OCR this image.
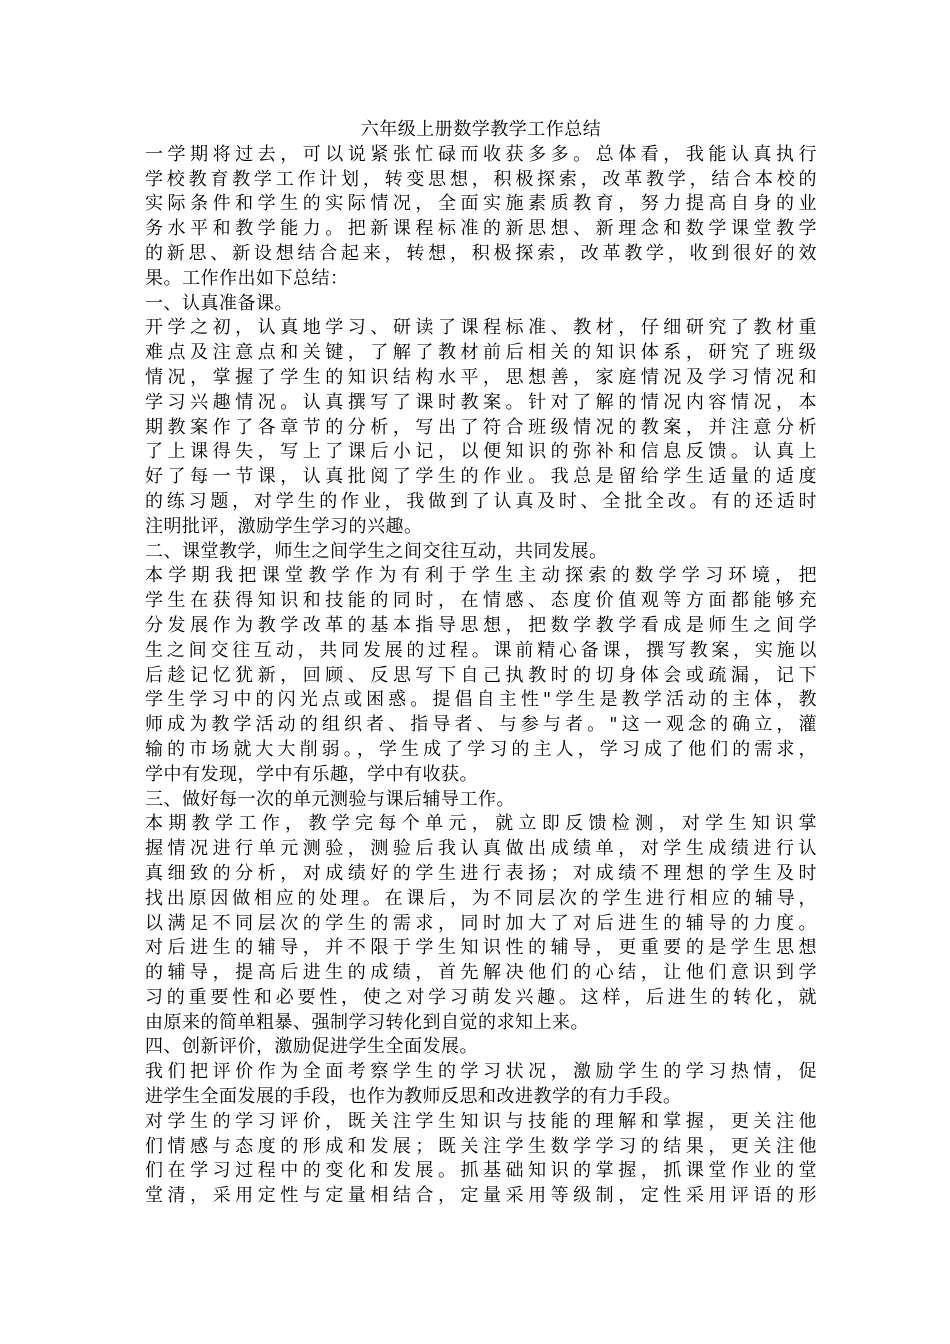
六年级上册数学教学工作总结
一学期将过去，可以说紧张忙碌而收获多多。总体看，我能认真执行
学校教育教学工作计划，转变思想，积极探索，改革教学，结合本校的
实际条件和学生的实际情况，全面实施素质教育，努力提高自身的业
务水平和教学能力。把新课程标准的新思想、新理念和数学课堂教学
的新思、新设想结合起来，转想，积极探索，改革教学，收到很好的效
果。工作作出如下总结：
一、认真准备课。
开学之初，认真地学习、研读了课程标准、教材，仔细研究了教材重
难点及注意点和关键，了解了教材前后相关的知识体系，研究了班级
情况，掌握了学生的知识结构水平，思想善，家庭情况及学习情况和
学习兴趣情况。认真撰写了课时教案。针对了解的情况内容情况，本
期教案作了各章节的分析，写出了符合班级情况的教案，并注意分析
了上课得失，写上了课后小记，以便知识的弥补和信息反馈。认真上
好了每一节课，认真批阅了学生的作业。我总是留给学生适量的适度
的练习题，对学生的作业，我做到了认真及时、全批全改。有的还适时
注明批评，激励学生学习的兴趣。
二、课堂教学，师生之间学生之间交往互动，共同发展。
本学期我把课堂教学作为有利于学生主动探索的数学学习环境，把
学生在获得知识和技能的同时，在情感、态度价值观等方面都能够充
分发展作为教学改革的基本指导思想，把数学教学看成是师生之间学
生之间交往互动，共同发展的过程。课前精心备课，撰写教案，实施以
后趁记忆犹新，回顾、反思写下自己执教时的切身体会或疏漏，记下
学生学习中的闪光点或困惑。提倡自主性"学生是教学活动的主体，教
师成为教学活动的组织者、指导者、与参与者。"这一观念的确立，灌
输的市场就大大削弱。，学生成了学习的主人，学习成了他们的需求，
学中有发现，学中有乐趣，学中有收获。
三、做好每一次的单元测验与课后辅导工作。
本期教学工作，教学完每个单元，就立即反馈检测，对学生知识掌
握情况进行单元测验，测验后我认真做出成绩单，对学生成绩进行认
真细致的分析，对成绩好的学生进行表扬；对成绩不理想的学生及时
找出原因做相应的处理。在课后，为不同层次的学生进行相应的辅导，
以满足不同层次的学生的需求，同时加大了对后进生的辅导的力度。
对后进生的辅导，并不限于学生知识性的辅导，更重要的是学生思想
的辅导，提高后进生的成绩，首先解决他们的心结，让他们意识到学
习的重要性和必要性，使之对学习萌发兴趣。这样，后进生的转化，就
由原来的简单粗暴、强制学习转化到自觉的求知上来。
四、创新评价，激励促进学生全面发展。
我们把评价作为全面考察学生的学习状况，激励学生的学习热情，促
进学生全面发展的手段，也作为教师反思和改进教学的有力手段。
对学生的学习评价，既关注学生知识与技能的理解和掌握，更关注他
们情感与态度的形成和发展；既关注学生数学学习的结果，更关注他
们在学习过程中的变化和发展。抓基础知识的掌握，抓课堂作业的堂
堂清，采用定性与定量相结合，定量采用等级制，定性采用评语的形
